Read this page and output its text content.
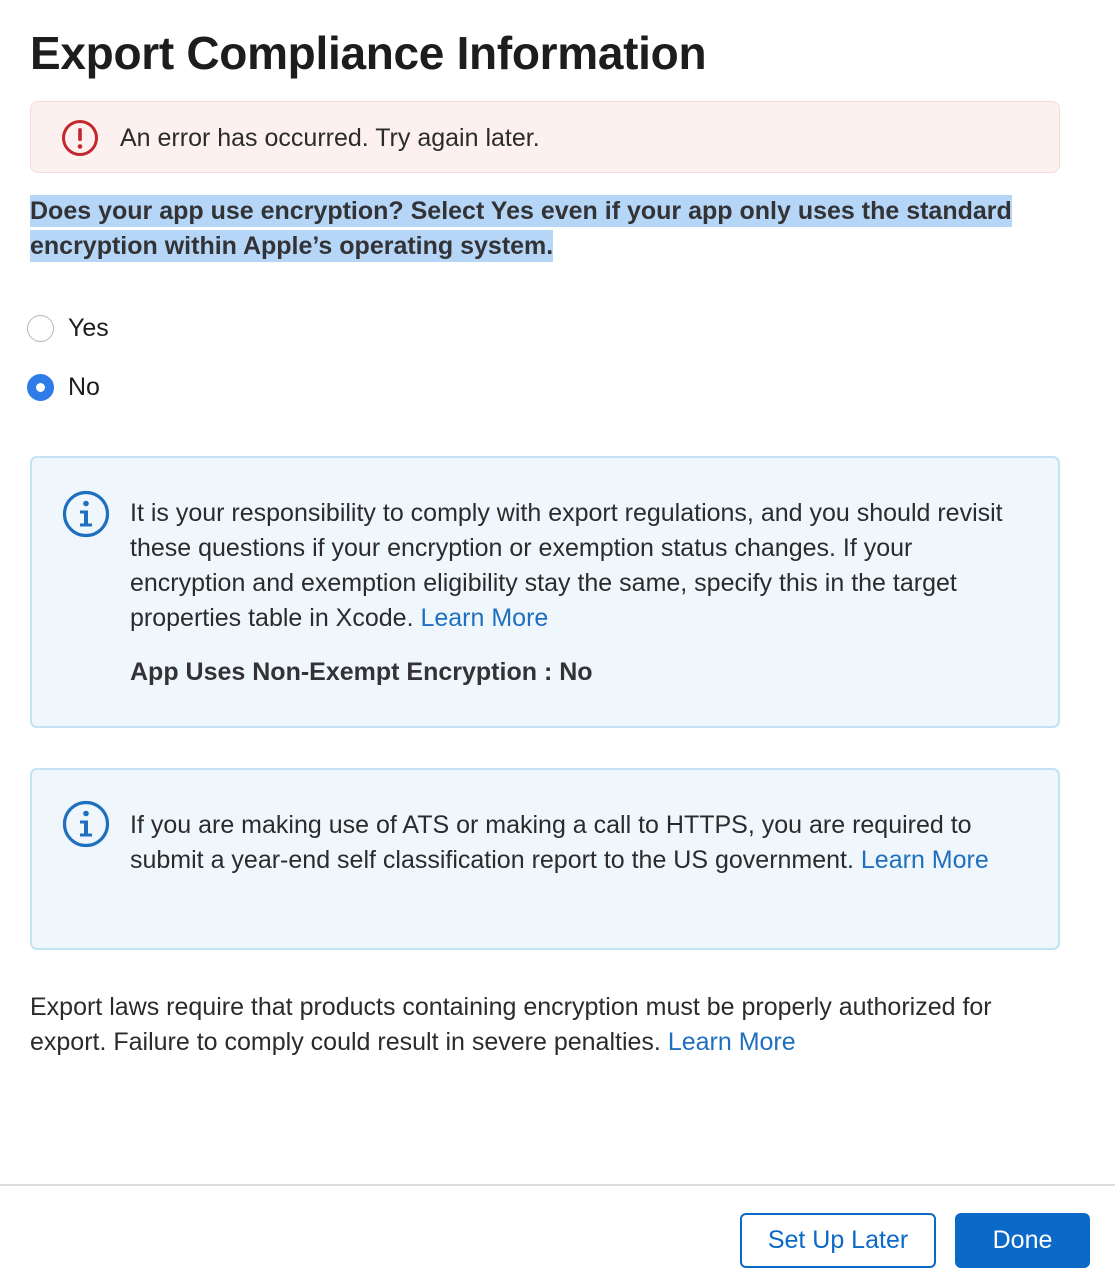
Export Compliance Information
An error has occurred. Try again later.

Does your app use encryption? Select Yes even if your app only uses the standard encryption within Apple’s operating system.

Yes
No

It is your responsibility to comply with export regulations, and you should revisit these questions if your encryption or exemption status changes. If your encryption and exemption eligibility stay the same, specify this in the target properties table in Xcode. Learn More

App Uses Non-Exempt Encryption : No

If you are making use of ATS or making a call to HTTPS, you are required to submit a year-end self classification report to the US government. Learn More

Export laws require that products containing encryption must be properly authorized for export. Failure to comply could result in severe penalties. Learn More

Set Up Later	Done
